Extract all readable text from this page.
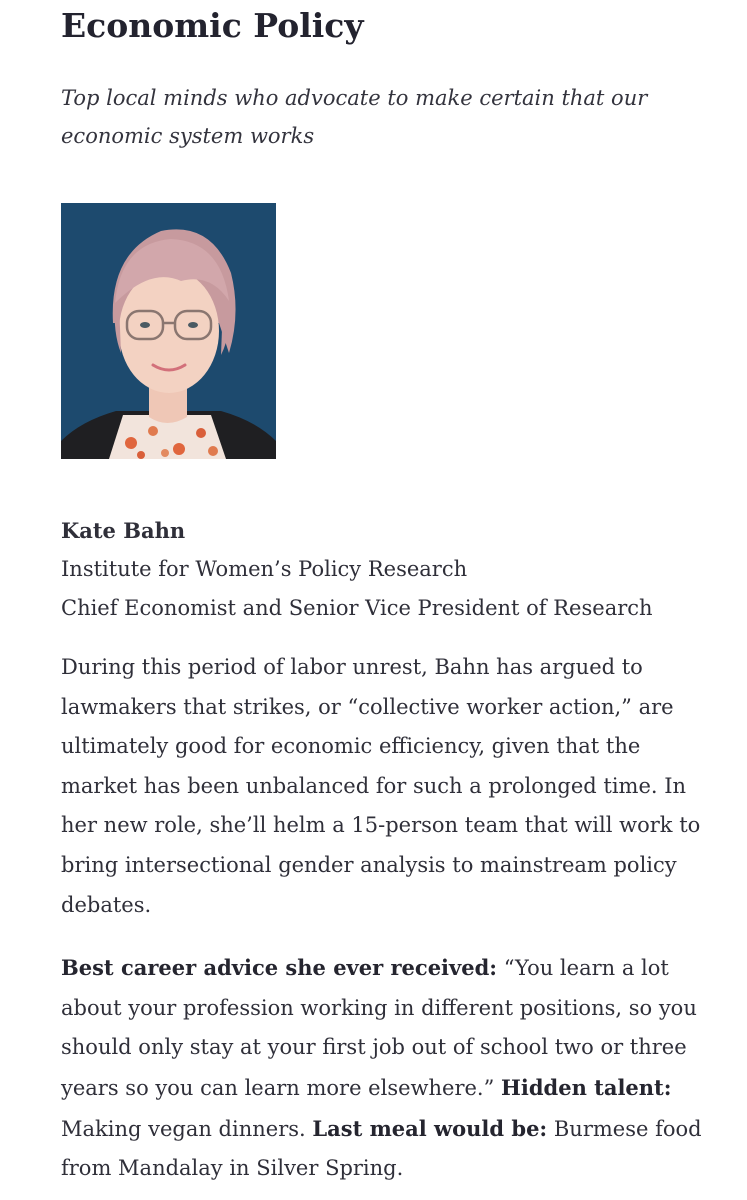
Economic Policy

Top local minds who advocate to make certain that our economic system works

Kate Bahn
Institute for Women’s Policy Research
Chief Economist and Senior Vice President of Research

During this period of labor unrest, Bahn has argued to lawmakers that strikes, or “collective worker action,” are ultimately good for economic efficiency, given that the market has been unbalanced for such a prolonged time. In her new role, she’ll helm a 15-person team that will work to bring intersectional gender analysis to mainstream policy debates.

Best career advice she ever received: “You learn a lot about your profession working in different positions, so you should only stay at your first job out of school two or three years so you can learn more elsewhere.” Hidden talent: Making vegan dinners. Last meal would be: Burmese food from Mandalay in Silver Spring.
